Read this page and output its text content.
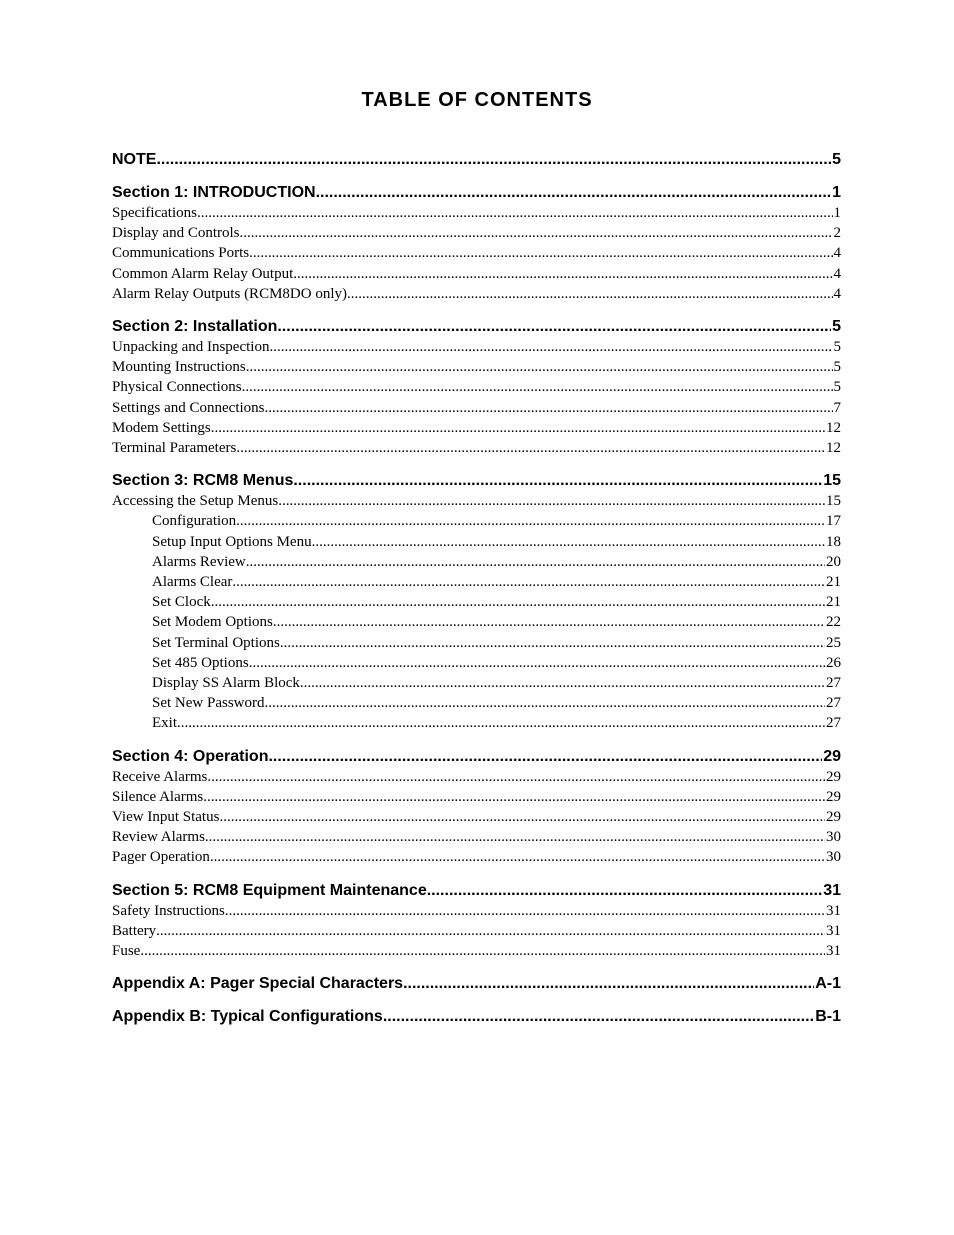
TABLE OF CONTENTS
NOTE .....	5
Section 1: INTRODUCTION .....	1
Specifications .....	1
Display and Controls .....	2
Communications Ports .....	4
Common Alarm Relay Output .....	4
Alarm Relay Outputs (RCM8DO only) .....	4
Section 2: Installation .....	5
Unpacking and Inspection .....	5
Mounting Instructions .....	5
Physical Connections .....	5
Settings and Connections .....	7
Modem Settings .....	12
Terminal Parameters .....	12
Section 3: RCM8 Menus .....	15
Accessing the Setup Menus .....	15
Configuration .....	17
Setup Input Options Menu .....	18
Alarms Review .....	20
Alarms Clear .....	21
Set Clock .....	21
Set Modem Options .....	22
Set Terminal Options .....	25
Set 485 Options .....	26
Display SS Alarm Block .....	27
Set New Password .....	27
Exit .....	27
Section 4: Operation .....	29
Receive Alarms .....	29
Silence Alarms .....	29
View Input Status .....	29
Review Alarms .....	30
Pager Operation .....	30
Section 5: RCM8 Equipment Maintenance .....	31
Safety Instructions .....	31
Battery .....	31
Fuse .....	31
Appendix A: Pager Special Characters .....	A-1
Appendix B: Typical Configurations .....	B-1
